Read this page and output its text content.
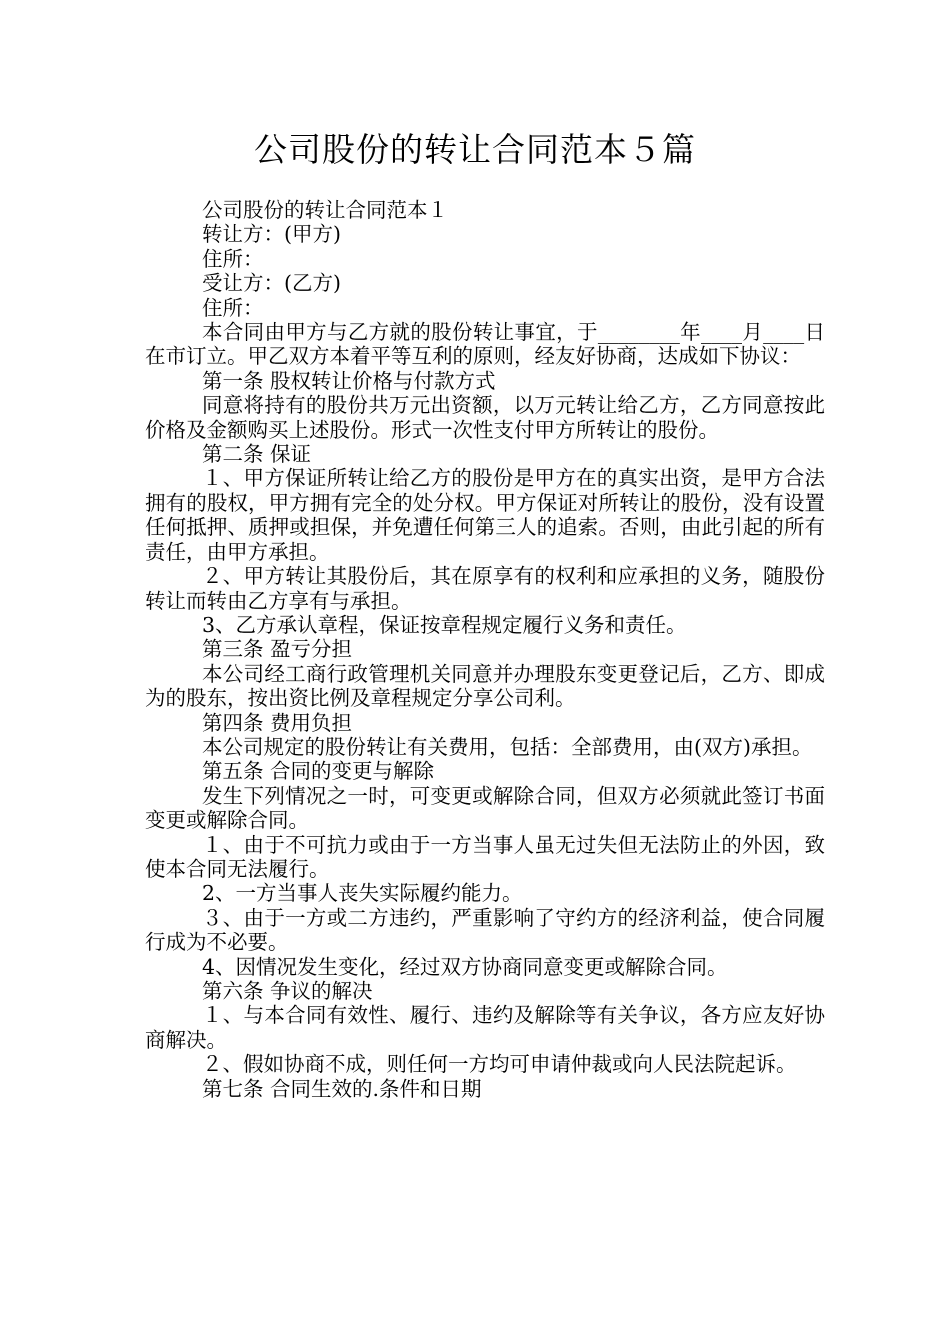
公司股份的转让合同范本５篇

公司股份的转让合同范本１

转让方：(甲方)

住所：

受让方：(乙方)

住所：

本合同由甲方与乙方就的股份转让事宜，于________年____月____日在市订立。甲乙双方本着平等互利的原则，经友好协商，达成如下协议：

第一条 股权转让价格与付款方式

同意将持有的股份共万元出资额，以万元转让给乙方，乙方同意按此价格及金额购买上述股份。形式一次性支付甲方所转让的股份。

第二条 保证

１、甲方保证所转让给乙方的股份是甲方在的真实出资，是甲方合法拥有的股权，甲方拥有完全的处分权。甲方保证对所转让的股份，没有设置任何抵押、质押或担保，并免遭任何第三人的追索。否则，由此引起的所有责任，由甲方承担。

２、甲方转让其股份后，其在原享有的权利和应承担的义务，随股份转让而转由乙方享有与承担。

3、乙方承认章程，保证按章程规定履行义务和责任。

第三条 盈亏分担

本公司经工商行政管理机关同意并办理股东变更登记后，乙方、即成为的股东，按出资比例及章程规定分享公司利。

第四条 费用负担

本公司规定的股份转让有关费用，包括：全部费用，由(双方)承担。

第五条 合同的变更与解除

发生下列情况之一时，可变更或解除合同，但双方必须就此签订书面变更或解除合同。

１、由于不可抗力或由于一方当事人虽无过失但无法防止的外因，致使本合同无法履行。

2、一方当事人丧失实际履约能力。

３、由于一方或二方违约，严重影响了守约方的经济利益，使合同履行成为不必要。

4、因情况发生变化，经过双方协商同意变更或解除合同。

第六条 争议的解决

１、与本合同有效性、履行、违约及解除等有关争议，各方应友好协商解决。

２、假如协商不成，则任何一方均可申请仲裁或向人民法院起诉。

第七条 合同生效的.条件和日期
